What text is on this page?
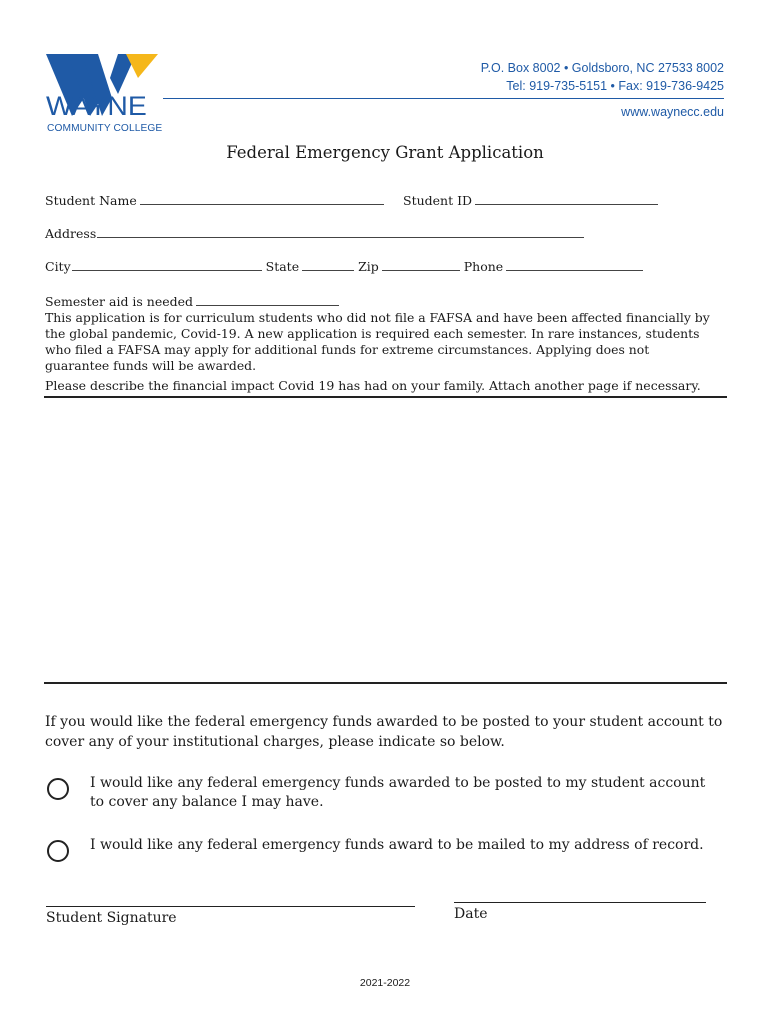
WAYNE
COMMUNITY COLLEGE
P.O. Box 8002 • Goldsboro, NC 27533 8002
Tel: 919-735-5151 • Fax: 919-736-9425
www.waynecc.edu
Federal Emergency Grant Application
Student Name	Student ID
Address
City	State	Zip	Phone
Semester aid is needed
This application is for curriculum students who did not file a FAFSA and have been affected financially by the global pandemic, Covid-19. A new application is required each semester. In rare instances, students who filed a FAFSA may apply for additional funds for extreme circumstances. Applying does not guarantee funds will be awarded.
Please describe the financial impact Covid 19 has had on your family. Attach another page if necessary.
If you would like the federal emergency funds awarded to be posted to your student account to cover any of your institutional charges, please indicate so below.
I would like any federal emergency funds awarded to be posted to my student account to cover any balance I may have.
I would like any federal emergency funds award to be mailed to my address of record.
Student Signature	Date
2021-2022
